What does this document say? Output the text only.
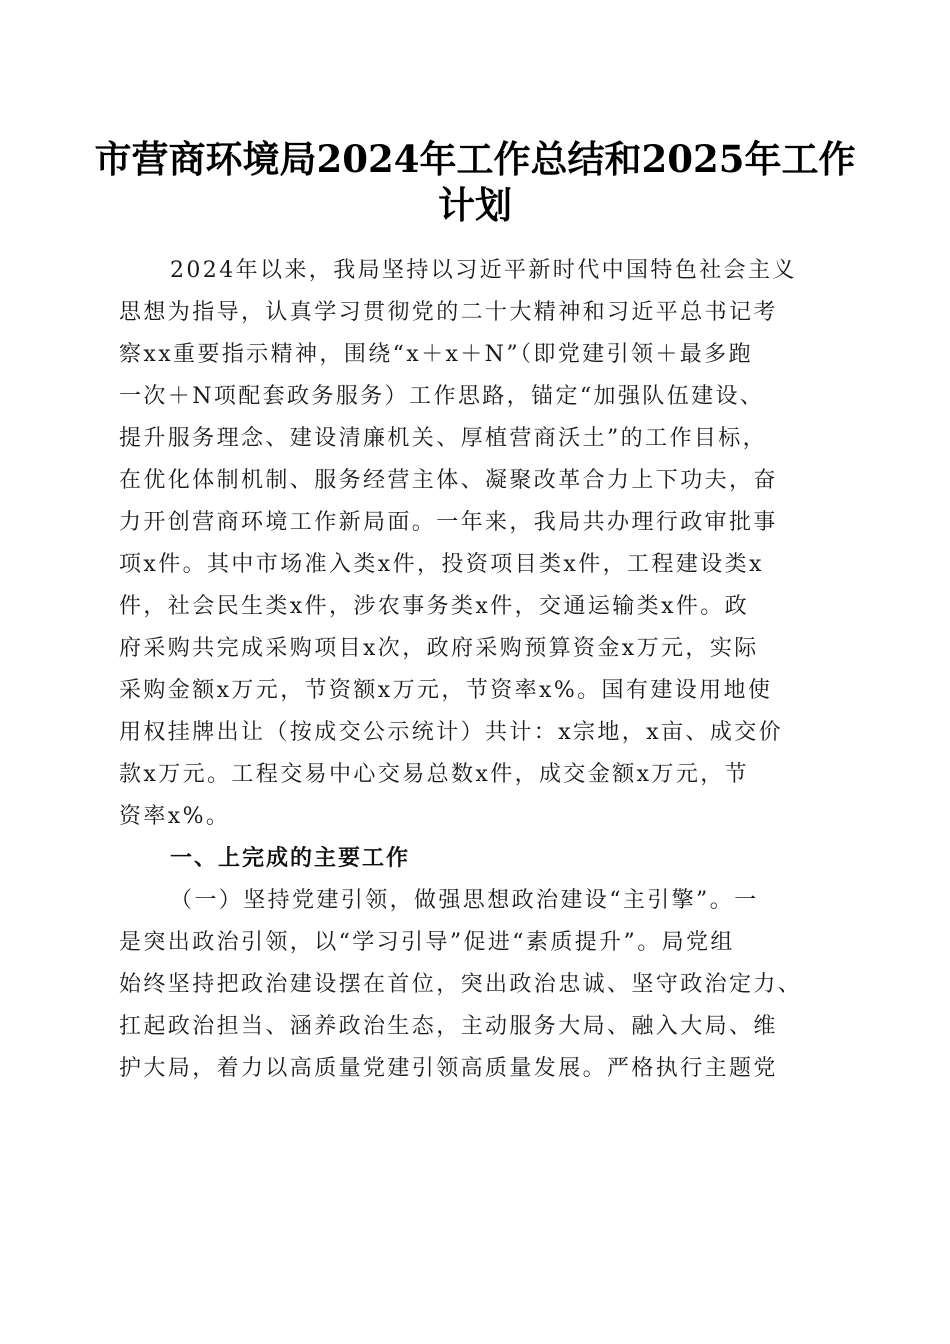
市营商环境局2024年工作总结和2025年工作
计划
2024年以来，我局坚持以习近平新时代中国特色社会主义
思想为指导，认真学习贯彻党的二十大精神和习近平总书记考
察xx重要指示精神，围绕“x＋x＋N”（即党建引领＋最多跑
一次＋N项配套政务服务）工作思路，锚定“加强队伍建设、
提升服务理念、建设清廉机关、厚植营商沃土”的工作目标，
在优化体制机制、服务经营主体、凝聚改革合力上下功夫，奋
力开创营商环境工作新局面。一年来，我局共办理行政审批事
项x件。其中市场准入类x件，投资项目类x件，工程建设类x
件，社会民生类x件，涉农事务类x件，交通运输类x件。政
府采购共完成采购项目x次，政府采购预算资金x万元，实际
采购金额x万元，节资额x万元，节资率x%。国有建设用地使
用权挂牌出让（按成交公示统计）共计：x宗地，x亩、成交价
款x万元。工程交易中心交易总数x件，成交金额x万元，节
资率x%。
一、上完成的主要工作
（一）坚持党建引领，做强思想政治建设“主引擎”。一
是突出政治引领，以“学习引导”促进“素质提升”。局党组
始终坚持把政治建设摆在首位，突出政治忠诚、坚守政治定力、
扛起政治担当、涵养政治生态，主动服务大局、融入大局、维
护大局，着力以高质量党建引领高质量发展。严格执行主题党
